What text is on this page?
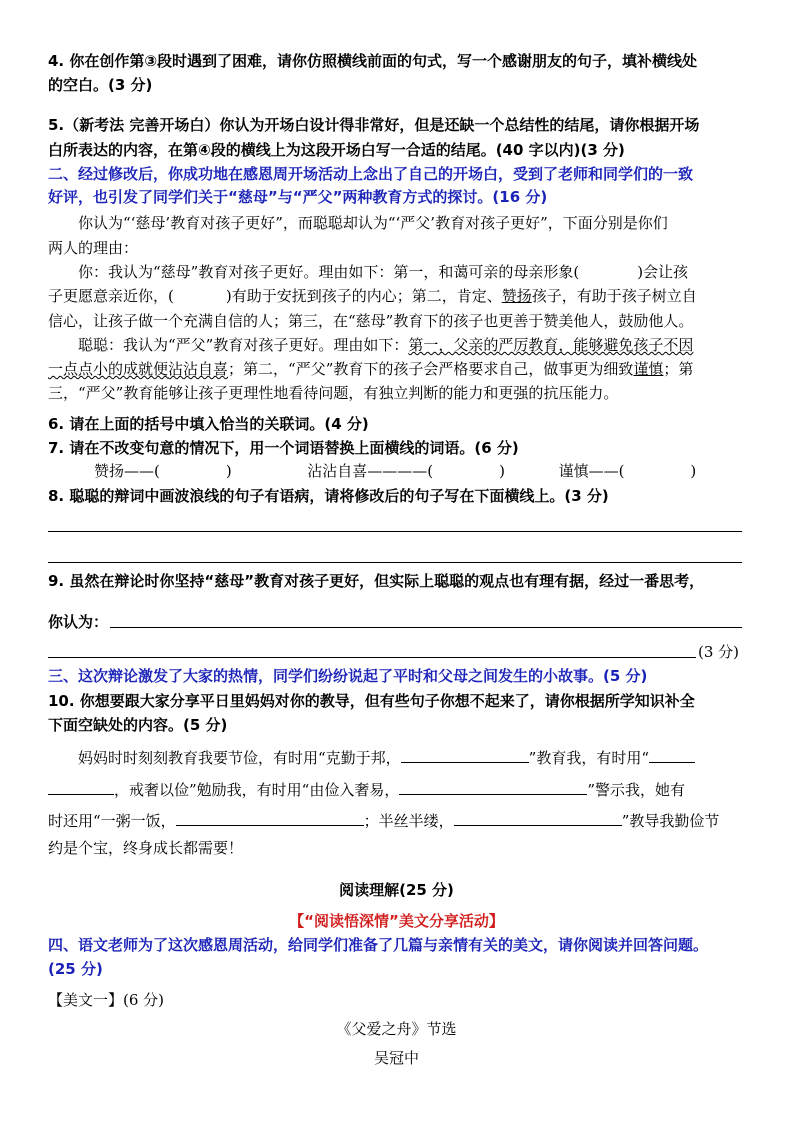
4. 你在创作第③段时遇到了困难，请你仿照横线前面的句式，写一个感谢朋友的句子，填补横线处
的空白。(3 分)
5.（新考法 完善开场白）你认为开场白设计得非常好，但是还缺一个总结性的结尾，请你根据开场
白所表达的内容，在第④段的横线上为这段开场白写一合适的结尾。(40 字以内)(3 分)
二、经过修改后，你成功地在感恩周开场活动上念出了自己的开场白，受到了老师和同学们的一致
好评，也引发了同学们关于“慈母”与“严父”两种教育方式的探讨。(16 分)
你认为“‘慈母’教育对孩子更好”，而聪聪却认为“‘严父’教育对孩子更好”，下面分别是你们
两人的理由：
你：我认为“慈母”教育对孩子更好。理由如下：第一，和蔼可亲的母亲形象(	)会让孩
子更愿意亲近你，(	)有助于安抚到孩子的内心；第二，肯定、赞扬孩子，有助于孩子树立自
信心，让孩子做一个充满自信的人；第三，在“慈母”教育下的孩子也更善于赞美他人，鼓励他人。
聪聪：我认为“严父”教育对孩子更好。理由如下：第一，父亲的严厉教育，能够避免孩子不因
一点点小的成就便沾沾自喜；第二，“严父”教育下的孩子会严格要求自己，做事更为细致谨慎；第
三，“严父”教育能够让孩子更理性地看待问题，有独立判断的能力和更强的抗压能力。
6. 请在上面的括号中填入恰当的关联词。(4 分)
7. 请在不改变句意的情况下，用一个词语替换上面横线的词语。(6 分)
赞扬——(	)	沾沾自喜————(	)	谨慎——(	)
8. 聪聪的辩词中画波浪线的句子有语病，请将修改后的句子写在下面横线上。(3 分)
9. 虽然在辩论时你坚持“慈母”教育对孩子更好，但实际上聪聪的观点也有理有据，经过一番思考，
你认为：
(3 分)
三、这次辩论激发了大家的热情，同学们纷纷说起了平时和父母之间发生的小故事。(5 分)
10. 你想要跟大家分享平日里妈妈对你的教导，但有些句子你想不起来了，请你根据所学知识补全
下面空缺处的内容。(5 分)
妈妈时时刻刻教育我要节俭，有时用“克勤于邦，	”教育我，有时用“
，戒奢以俭”勉励我，有时用“由俭入奢易，	”警示我，她有
时还用“一粥一饭，	；半丝半缕，	”教导我勤俭节
约是个宝，终身成长都需要！
阅读理解(25 分)
【“阅读悟深情”美文分享活动】
四、语文老师为了这次感恩周活动，给同学们准备了几篇与亲情有关的美文，请你阅读并回答问题。
(25 分)
【美文一】(6 分)
《父爱之舟》节选
吴冠中
